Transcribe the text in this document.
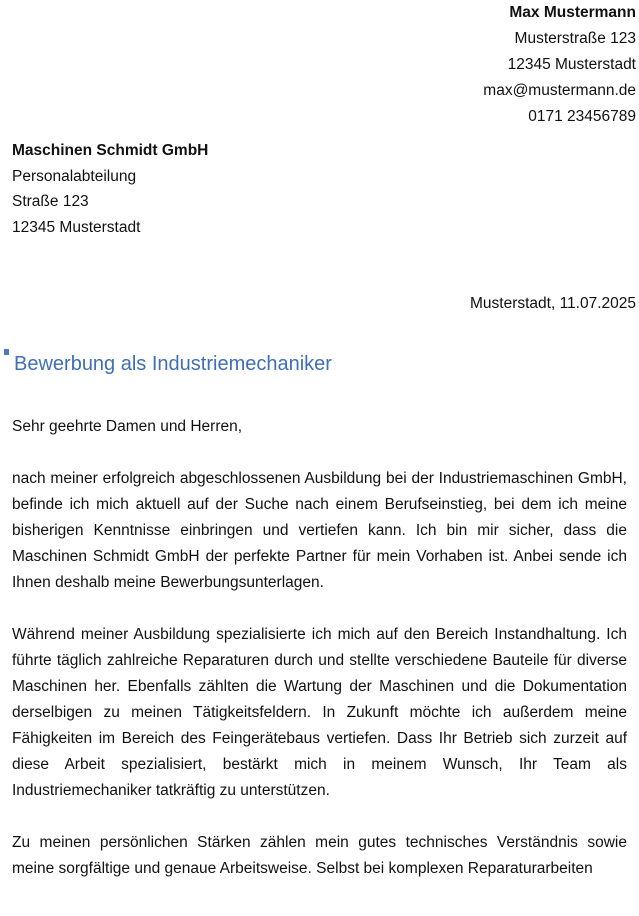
Max Mustermann
Musterstraße 123
12345 Musterstadt
max@mustermann.de
0171 23456789
Maschinen Schmidt GmbH
Personalabteilung
Straße 123
12345 Musterstadt
Musterstadt, 11.07.2025
Bewerbung als Industriemechaniker

Sehr geehrte Damen und Herren,

nach meiner erfolgreich abgeschlossenen Ausbildung bei der Industriemaschinen GmbH, befinde ich mich aktuell auf der Suche nach einem Berufseinstieg, bei dem ich meine bisherigen Kenntnisse einbringen und vertiefen kann. Ich bin mir sicher, dass die Maschinen Schmidt GmbH der perfekte Partner für mein Vorhaben ist. Anbei sende ich Ihnen deshalb meine Bewerbungsunterlagen.

Während meiner Ausbildung spezialisierte ich mich auf den Bereich Instandhaltung. Ich führte täglich zahlreiche Reparaturen durch und stellte verschiedene Bauteile für diverse Maschinen her. Ebenfalls zählten die Wartung der Maschinen und die Dokumentation derselbigen zu meinen Tätigkeitsfeldern. In Zukunft möchte ich außerdem meine Fähigkeiten im Bereich des Feingerätebaus vertiefen. Dass Ihr Betrieb sich zurzeit auf diese Arbeit spezialisiert, bestärkt mich in meinem Wunsch, Ihr Team als Industriemechaniker tatkräftig zu unterstützen.

Zu meinen persönlichen Stärken zählen mein gutes technisches Verständnis sowie meine sorgfältige und genaue Arbeitsweise. Selbst bei komplexen Reparaturarbeiten
